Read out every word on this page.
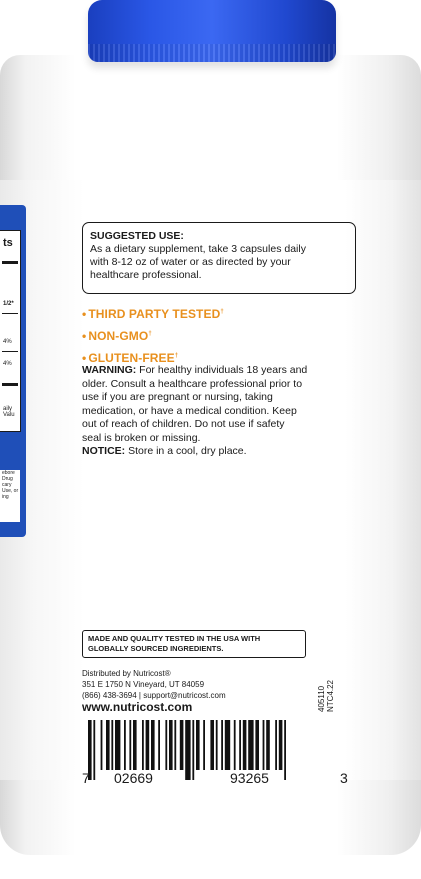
ts
1/2*
4%
4%
aily Valu
ebore Drug
cary Use, or
ing
SUGGESTED USE:
As a dietary supplement, take 3 capsules daily
with 8-12 oz of water or as directed by your
healthcare professional.
• THIRD PARTY TESTED†
• NON-GMO†
• GLUTEN-FREE†
WARNING: For healthy individuals 18 years and
older. Consult a healthcare professional prior to
use if you are pregnant or nursing, taking
medication, or have a medical condition. Keep
out of reach of children. Do not use if safety
seal is broken or missing.
NOTICE: Store in a cool, dry place.
MADE AND QUALITY TESTED IN THE USA WITH
GLOBALLY SOURCED INGREDIENTS.
Distributed by Nutricost®
351 E 1750 N Vineyard, UT 84059
(866) 438-3694 | support@nutricost.com
www.nutricost.com	405110 NTC4.22
7 02669	93265	3
